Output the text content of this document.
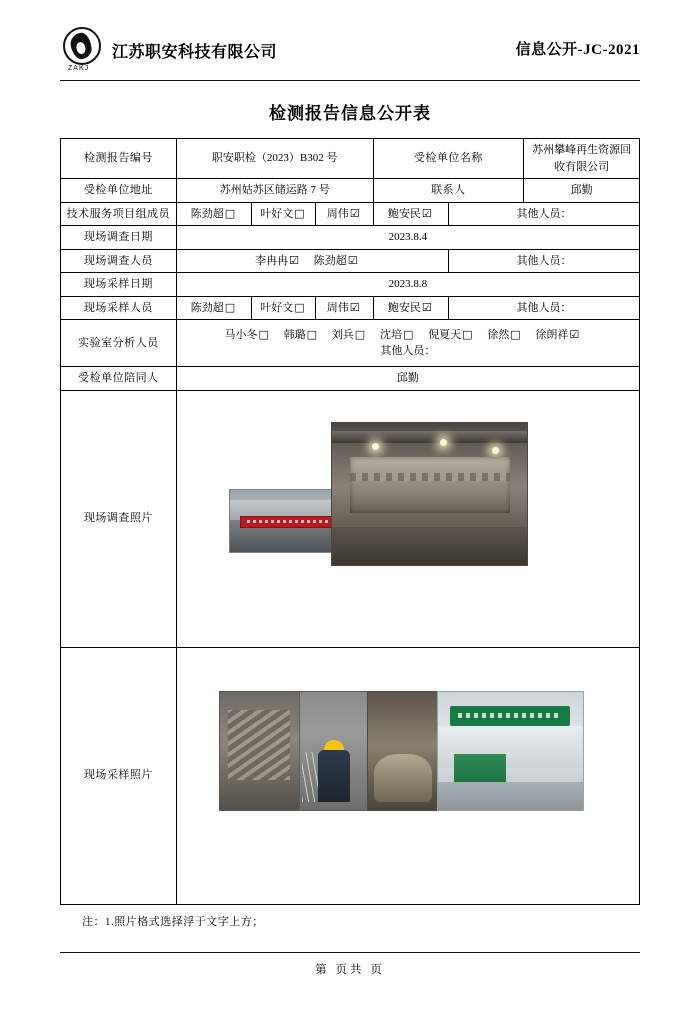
ZAKJ
江苏职安科技有限公司	信息公开-JC-2021
检测报告信息公开表
检测报告编号	职安职检（2023）B302 号			受检单位名称		苏州攀峰再生资源回收有限公司
受检单位地址	苏州姑苏区储运路 7 号			联系人		邱勤
技术服务项目组成员	陈劲超□	叶好文□	周伟☑	鲍安民☑	其他人员：	
现场调查日期	2023.8.4					
现场调查人员	李冉冉☑ 陈劲超☑				其他人员：	
现场采样日期	2023.8.8					
现场采样人员	陈劲超□	叶好文□	周伟☑	鲍安民☑	其他人员：	
实验室分析人员	马小冬□ 韩璐□ 刘兵□ 沈培□ 倪夏天□ 徐然□ 徐朗祥☑
其他人员：					

受检单位陪同人	邱勤					
现场调查照片						

现场采样照片						
注：1.照片格式选择浮于文字上方；
第 页共 页
